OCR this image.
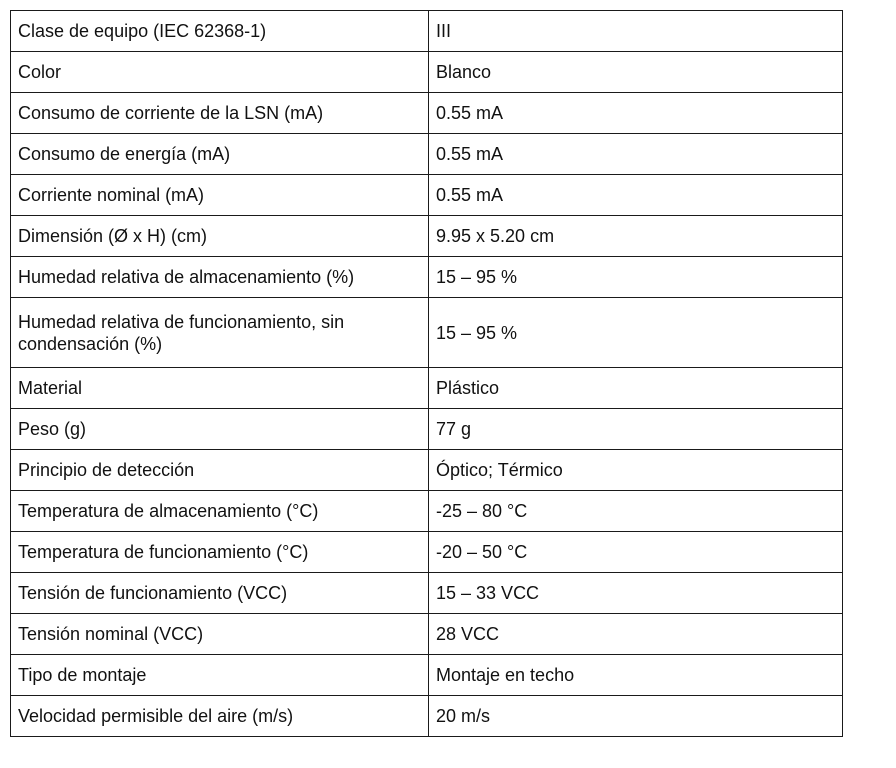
Clase de equipo (IEC 62368-1)	III
Color	Blanco
Consumo de corriente de la LSN (mA)	0.55 mA
Consumo de energía (mA)	0.55 mA
Corriente nominal (mA)	0.55 mA
Dimensión (Ø x H) (cm)	9.95 x 5.20 cm
Humedad relativa de almacenamiento (%)	15 – 95 %
Humedad relativa de funcionamiento, sin condensación (%)	15 – 95 %
Material	Plástico
Peso (g)	77 g
Principio de detección	Óptico; Térmico
Temperatura de almacenamiento (°C)	-25 – 80 °C
Temperatura de funcionamiento (°C)	-20 – 50 °C
Tensión de funcionamiento (VCC)	15 – 33 VCC
Tensión nominal (VCC)	28 VCC
Tipo de montaje	Montaje en techo
Velocidad permisible del aire (m/s)	20 m/s
